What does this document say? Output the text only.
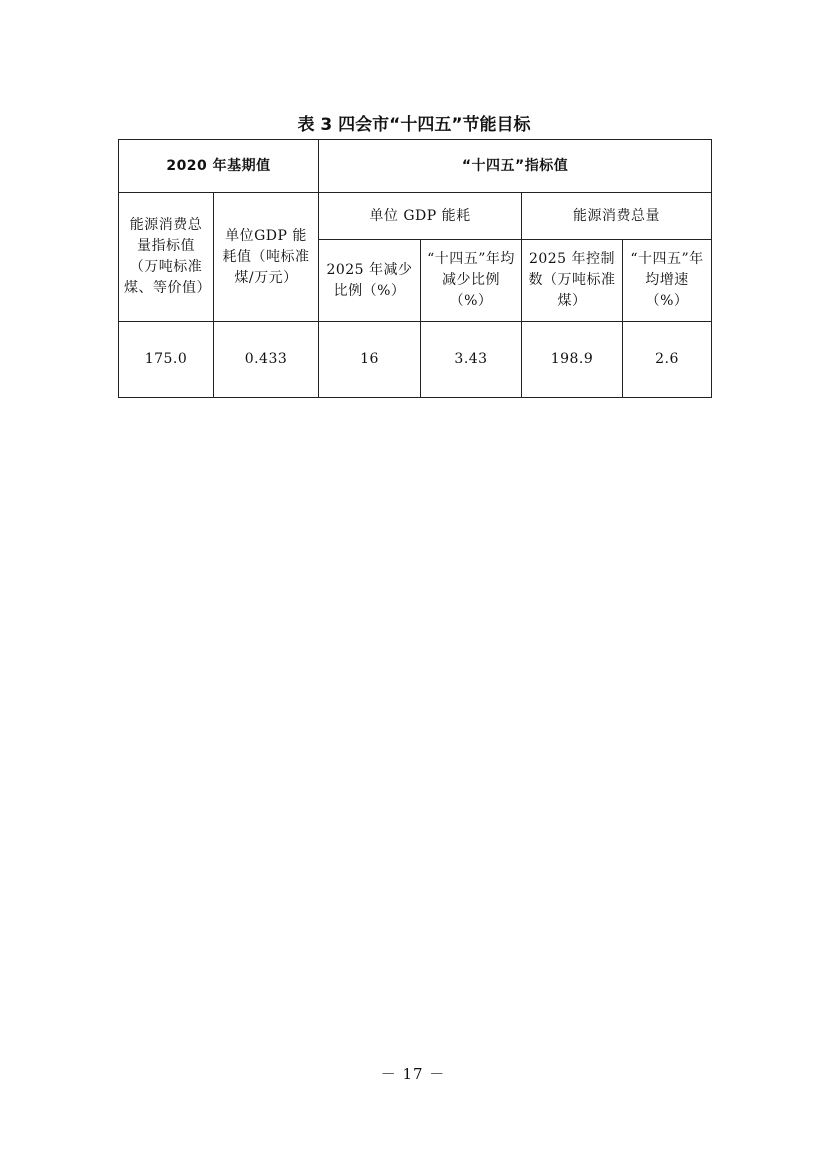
表 3 四会市“十四五”节能目标
2020 年基期值		“十四五”指标值			
能源消费总量指标值（万吨标准煤、等价值）	单位GDP 能耗值（吨标准煤/万元）	单位 GDP 能耗		能源消费总量	
		2025 年减少比例（%）	“十四五”年均减少比例（%）	2025 年控制数（万吨标准煤）	“十四五”年均增速（%）
175.0	0.433	16	3.43	198.9	2.6
－ 17 －
